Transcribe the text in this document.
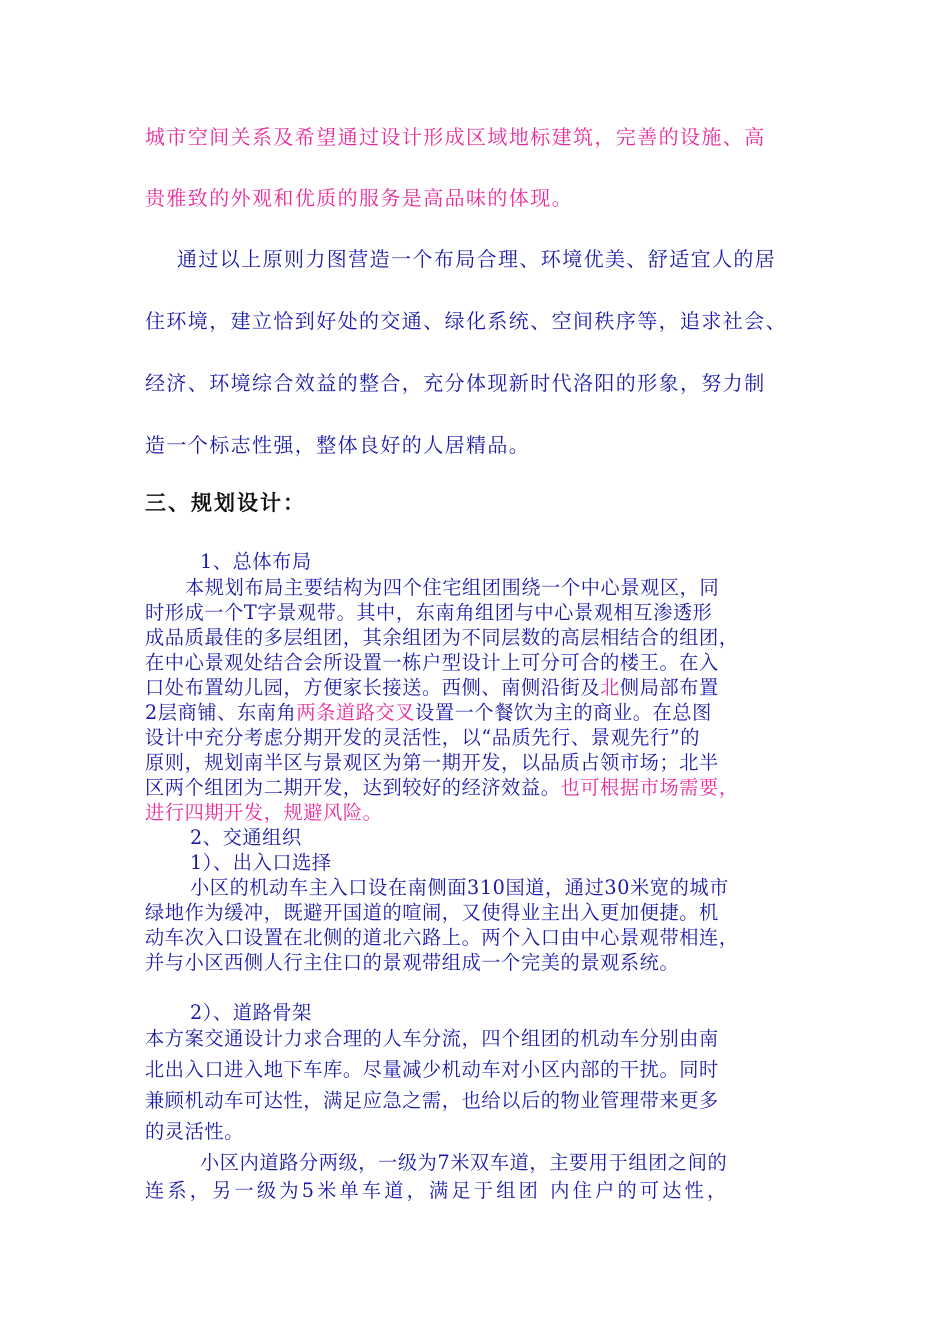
城市空间关系及希望通过设计形成区域地标建筑，完善的设施、高
贵雅致的外观和优质的服务是高品味的体现。
通过以上原则力图营造一个布局合理、环境优美、舒适宜人的居
住环境，建立恰到好处的交通、绿化系统、空间秩序等，追求社会、
经济、环境综合效益的整合，充分体现新时代洛阳的形象，努力制
造一个标志性强，整体良好的人居精品。
三、规划设计：
1、总体布局
本规划布局主要结构为四个住宅组团围绕一个中心景观区，同
时形成一个T字景观带。其中，东南角组团与中心景观相互渗透形
成品质最佳的多层组团，其余组团为不同层数的高层相结合的组团，
在中心景观处结合会所设置一栋户型设计上可分可合的楼王。在入
口处布置幼儿园，方便家长接送。西侧、南侧沿街及北侧局部布置
2层商铺、东南角两条道路交叉设置一个餐饮为主的商业。在总图
设计中充分考虑分期开发的灵活性，以“品质先行、景观先行”的
原则，规划南半区与景观区为第一期开发，以品质占领市场；北半
区两个组团为二期开发，达到较好的经济效益。也可根据市场需要，
进行四期开发，规避风险。
2、交通组织
1）、出入口选择
小区的机动车主入口设在南侧面310国道，通过30米宽的城市
绿地作为缓冲，既避开国道的喧闹，又使得业主出入更加便捷。机
动车次入口设置在北侧的道北六路上。两个入口由中心景观带相连，
并与小区西侧人行主住口的景观带组成一个完美的景观系统。
2）、道路骨架
本方案交通设计力求合理的人车分流，四个组团的机动车分别由南
北出入口进入地下车库。尽量减少机动车对小区内部的干扰。同时
兼顾机动车可达性，满足应急之需，也给以后的物业管理带来更多
的灵活性。
小区内道路分两级，一级为7米双车道，主要用于组团之间的
连系，另一级为5米单车道，满足于组团 内住户的可达性，
